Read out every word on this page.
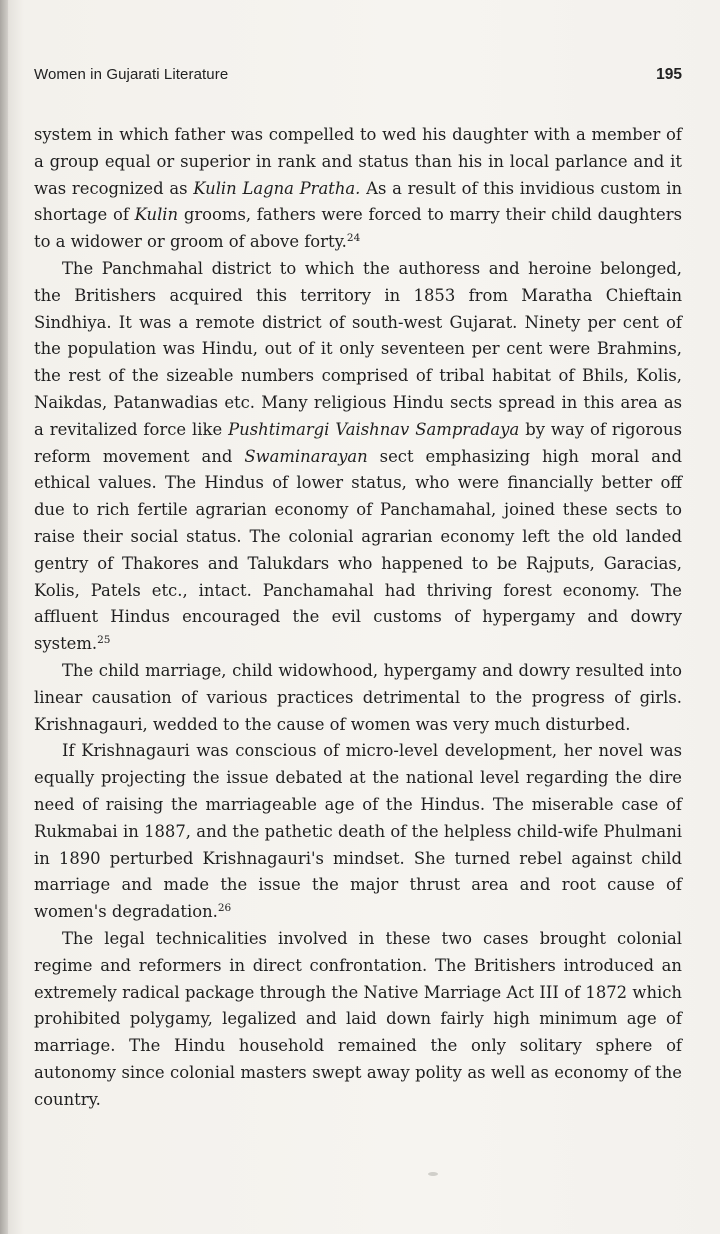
Women in Gujarati Literature	195

system in which father was compelled to wed his daughter with a member of a group equal or superior in rank and status than his in local parlance and it was recognized as Kulin Lagna Pratha. As a result of this invidious custom in shortage of Kulin grooms, fathers were forced to marry their child daughters to a widower or groom of above forty.$^{24}$

The Panchmahal district to which the authoress and heroine belonged, the Britishers acquired this territory in 1853 from Maratha Chieftain Sindhiya. It was a remote district of south-west Gujarat. Ninety per cent of the population was Hindu, out of it only seventeen per cent were Brahmins, the rest of the sizeable numbers comprised of tribal habitat of Bhils, Kolis, Naikdas, Patanwadias etc. Many religious Hindu sects spread in this area as a revitalized force like Pushtimargi Vaishnav Sampradaya by way of rigorous reform movement and Swaminarayan sect emphasizing high moral and ethical values. The Hindus of lower status, who were financially better off due to rich fertile agrarian economy of Panchamahal, joined these sects to raise their social status. The colonial agrarian economy left the old landed gentry of Thakores and Talukdars who happened to be Rajputs, Garacias, Kolis, Patels etc., intact. Panchamahal had thriving forest economy. The affluent Hindus encouraged the evil customs of hypergamy and dowry system.$^{25}$

The child marriage, child widowhood, hypergamy and dowry resulted into linear causation of various practices detrimental to the progress of girls. Krishnagauri, wedded to the cause of women was very much disturbed.

If Krishnagauri was conscious of micro-level development, her novel was equally projecting the issue debated at the national level regarding the dire need of raising the marriageable age of the Hindus. The miserable case of Rukmabai in 1887, and the pathetic death of the helpless child-wife Phulmani in 1890 perturbed Krishnagauri's mindset. She turned rebel against child marriage and made the issue the major thrust area and root cause of women's degradation.$^{26}$

The legal technicalities involved in these two cases brought colonial regime and reformers in direct confrontation. The Britishers introduced an extremely radical package through the Native Marriage Act III of 1872 which prohibited polygamy, legalized and laid down fairly high minimum age of marriage. The Hindu household remained the only solitary sphere of autonomy since colonial masters swept away polity as well as economy of the country.
